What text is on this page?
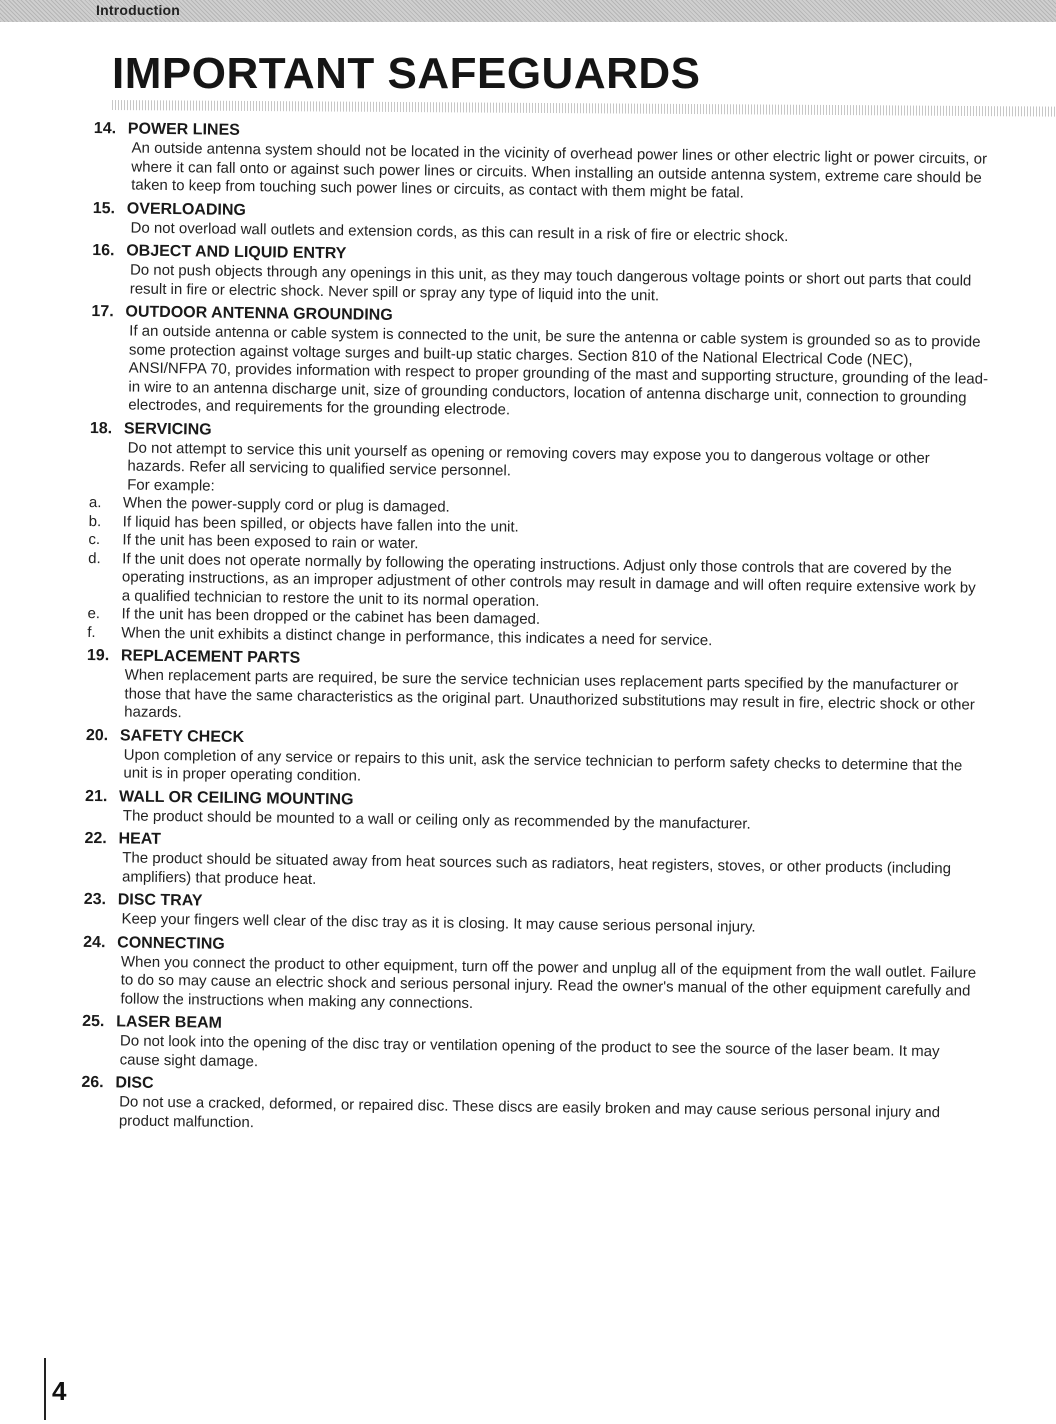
Introduction
IMPORTANT SAFEGUARDS
14. POWER LINES
An outside antenna system should not be located in the vicinity of overhead power lines or other electric light or power circuits, or where it can fall onto or against such power lines or circuits. When installing an outside antenna system, extreme care should be taken to keep from touching such power lines or circuits, as contact with them might be fatal.
15. OVERLOADING
Do not overload wall outlets and extension cords, as this can result in a risk of fire or electric shock.
16. OBJECT AND LIQUID ENTRY
Do not push objects through any openings in this unit, as they may touch dangerous voltage points or short out parts that could result in fire or electric shock. Never spill or spray any type of liquid into the unit.
17. OUTDOOR ANTENNA GROUNDING
If an outside antenna or cable system is connected to the unit, be sure the antenna or cable system is grounded so as to provide some protection against voltage surges and built-up static charges. Section 810 of the National Electrical Code (NEC), ANSI/NFPA 70, provides information with respect to proper grounding of the mast and supporting structure, grounding of the lead-in wire to an antenna discharge unit, size of grounding conductors, location of antenna discharge unit, connection to grounding electrodes, and requirements for the grounding electrode.
18. SERVICING
Do not attempt to service this unit yourself as opening or removing covers may expose you to dangerous voltage or other hazards. Refer all servicing to qualified service personnel.
For example:
a. When the power-supply cord or plug is damaged.
b. If liquid has been spilled, or objects have fallen into the unit.
c. If the unit has been exposed to rain or water.
d. If the unit does not operate normally by following the operating instructions. Adjust only those controls that are covered by the operating instructions, as an improper adjustment of other controls may result in damage and will often require extensive work by a qualified technician to restore the unit to its normal operation.
e. If the unit has been dropped or the cabinet has been damaged.
f. When the unit exhibits a distinct change in performance, this indicates a need for service.
19. REPLACEMENT PARTS
When replacement parts are required, be sure the service technician uses replacement parts specified by the manufacturer or those that have the same characteristics as the original part. Unauthorized substitutions may result in fire, electric shock or other hazards.
20. SAFETY CHECK
Upon completion of any service or repairs to this unit, ask the service technician to perform safety checks to determine that the unit is in proper operating condition.
21. WALL OR CEILING MOUNTING
The product should be mounted to a wall or ceiling only as recommended by the manufacturer.
22. HEAT
The product should be situated away from heat sources such as radiators, heat registers, stoves, or other products (including amplifiers) that produce heat.
23. DISC TRAY
Keep your fingers well clear of the disc tray as it is closing. It may cause serious personal injury.
24. CONNECTING
When you connect the product to other equipment, turn off the power and unplug all of the equipment from the wall outlet. Failure to do so may cause an electric shock and serious personal injury. Read the owner's manual of the other equipment carefully and follow the instructions when making any connections.
25. LASER BEAM
Do not look into the opening of the disc tray or ventilation opening of the product to see the source of the laser beam. It may cause sight damage.
26. DISC
Do not use a cracked, deformed, or repaired disc. These discs are easily broken and may cause serious personal injury and product malfunction.
4
